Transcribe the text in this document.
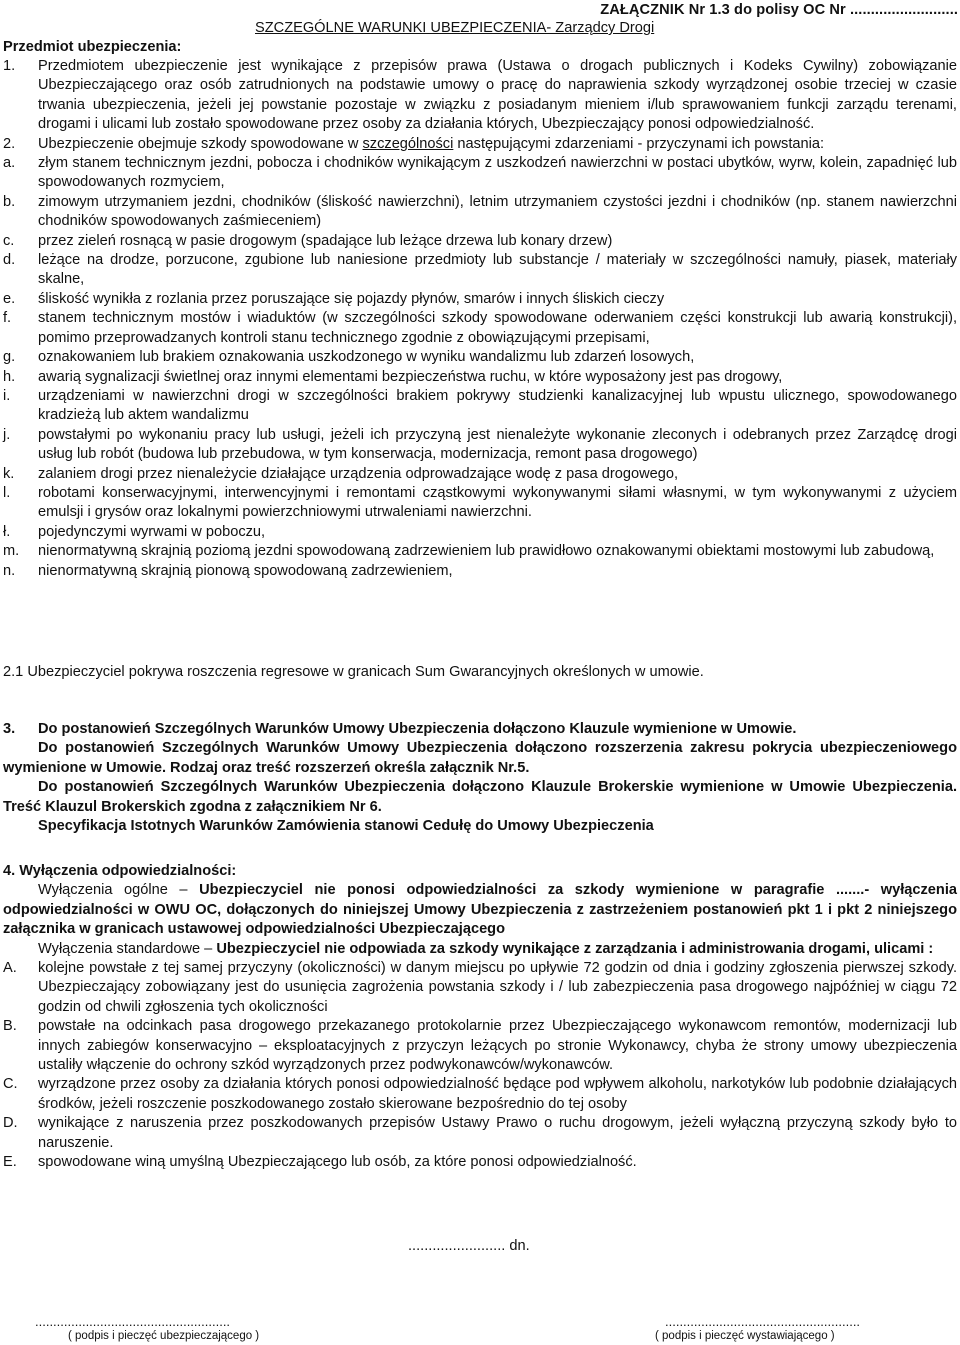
ZAŁĄCZNIK Nr 1.3 do polisy OC Nr ..........................
SZCZEGÓLNE WARUNKI UBEZPIECZENIA- Zarządcy Drogi
Przedmiot ubezpieczenia:
1. Przedmiotem ubezpieczenie jest wynikające z przepisów prawa (Ustawa o drogach publicznych i Kodeks Cywilny) zobowiązanie Ubezpieczającego oraz osób zatrudnionych na podstawie umowy o pracę do naprawienia szkody wyrządzonej osobie trzeciej w czasie trwania ubezpieczenia, jeżeli jej powstanie pozostaje w związku z posiadanym mieniem i/lub sprawowaniem funkcji zarządu terenami, drogami i ulicami lub zostało spowodowane przez osoby za działania których, Ubezpieczający ponosi odpowiedzialność.
2. Ubezpieczenie obejmuje szkody spowodowane w szczególności następującymi zdarzeniami - przyczynami ich powstania:
a. złym stanem technicznym jezdni, pobocza i chodników wynikającym z uszkodzeń nawierzchni w postaci ubytków, wyrw, kolein, zapadnięć lub spowodowanych rozmyciem,
b. zimowym utrzymaniem jezdni, chodników (śliskość nawierzchni), letnim utrzymaniem czystości jezdni i chodników (np. stanem nawierzchni chodników spowodowanych zaśmieceniem)
c. przez zieleń rosnącą w pasie drogowym (spadające lub leżące drzewa lub konary drzew)
d. leżące na drodze, porzucone, zgubione lub naniesione przedmioty lub substancje / materiały w szczególności namuły, piasek, materiały skalne,
e. śliskość wynikła z rozlania przez poruszające się pojazdy płynów, smarów i innych śliskich cieczy
f. stanem technicznym mostów i wiaduktów (w szczególności szkody spowodowane oderwaniem części konstrukcji lub awarią konstrukcji), pomimo przeprowadzanych kontroli stanu technicznego zgodnie z obowiązującymi przepisami,
g. oznakowaniem lub brakiem oznakowania uszkodzonego w wyniku wandalizmu lub zdarzeń losowych,
h. awarią sygnalizacji świetlnej oraz innymi elementami bezpieczeństwa ruchu, w które wyposażony jest pas drogowy,
i. urządzeniami w nawierzchni drogi w szczególności brakiem pokrywy studzienki kanalizacyjnej lub wpustu ulicznego, spowodowanego kradzieżą lub aktem wandalizmu
j. powstałymi po wykonaniu pracy lub usługi, jeżeli ich przyczyną jest nienależyte wykonanie zleconych i odebranych przez Zarządcę drogi usług lub robót (budowa lub przebudowa, w tym konserwacja, modernizacja, remont pasa drogowego)
k. zalaniem drogi przez nienależycie działające urządzenia odprowadzające wodę z pasa drogowego,
l. robotami konserwacyjnymi, interwencyjnymi i remontami cząstkowymi wykonywanymi siłami własnymi, w tym wykonywanymi z użyciem emulsji i grysów oraz lokalnymi powierzchniowymi utrwaleniami nawierzchni.
ł. pojedynczymi wyrwami w poboczu,
m. nienormatywną skrajnią poziomą jezdni spowodowaną zadrzewieniem lub prawidłowo oznakowanymi obiektami mostowymi lub zabudową,
n. nienormatywną skrajnią pionową spowodowaną zadrzewieniem,
2.1 Ubezpieczyciel pokrywa roszczenia regresowe w granicach Sum Gwarancyjnych określonych w umowie.
3. Do postanowień Szczególnych Warunków Umowy Ubezpieczenia dołączono Klauzule wymienione w Umowie.
Do postanowień Szczególnych Warunków Umowy Ubezpieczenia dołączono rozszerzenia zakresu pokrycia ubezpieczeniowego wymienione w Umowie. Rodzaj oraz treść rozszerzeń określa załącznik Nr.5.
Do postanowień Szczególnych Warunków Ubezpieczenia dołączono Klauzule Brokerskie wymienione w Umowie Ubezpieczenia. Treść Klauzul Brokerskich zgodna z załącznikiem Nr 6.
Specyfikacja Istotnych Warunków Zamówienia stanowi Cedułę do Umowy Ubezpieczenia
4. Wyłączenia odpowiedzialności:
Wyłączenia ogólne – Ubezpieczyciel nie ponosi odpowiedzialności za szkody wymienione w paragrafie .......- wyłączenia odpowiedzialności w OWU OC, dołączonych do niniejszej Umowy Ubezpieczenia z zastrzeżeniem postanowień pkt 1 i pkt 2 niniejszego załącznika w granicach ustawowej odpowiedzialności Ubezpieczającego
Wyłączenia standardowe – Ubezpieczyciel nie odpowiada za szkody wynikające z zarządzania i administrowania drogami, ulicami :
A. kolejne powstałe z tej samej przyczyny (okoliczności) w danym miejscu po upływie 72 godzin od dnia i godziny zgłoszenia pierwszej szkody. Ubezpieczający zobowiązany jest do usunięcia zagrożenia powstania szkody i / lub zabezpieczenia pasa drogowego najpóźniej w ciągu 72 godzin od chwili zgłoszenia tych okoliczności
B. powstałe na odcinkach pasa drogowego przekazanego protokolarnie przez Ubezpieczającego wykonawcom remontów, modernizacji lub innych zabiegów konserwacyjno – eksploatacyjnych z przyczyn leżących po stronie Wykonawcy, chyba że strony umowy ubezpieczenia ustaliły włączenie do ochrony szkód wyrządzonych przez podwykonawców/wykonawców.
C. wyrządzone przez osoby za działania których ponosi odpowiedzialność będące pod wpływem alkoholu, narkotyków lub podobnie działających środków, jeżeli roszczenie poszkodowanego zostało skierowane bezpośrednio do tej osoby
D. wynikające z naruszenia przez poszkodowanych przepisów Ustawy Prawo o ruchu drogowym, jeżeli wyłączną przyczyną szkody było to naruszenie.
E. spowodowane winą umyślną Ubezpieczającego lub osób, za które ponosi odpowiedzialność.
........................ dn.
......................................................
( podpis i pieczęć ubezpieczającego )
......................................................
( podpis i pieczęć wystawiającego )
